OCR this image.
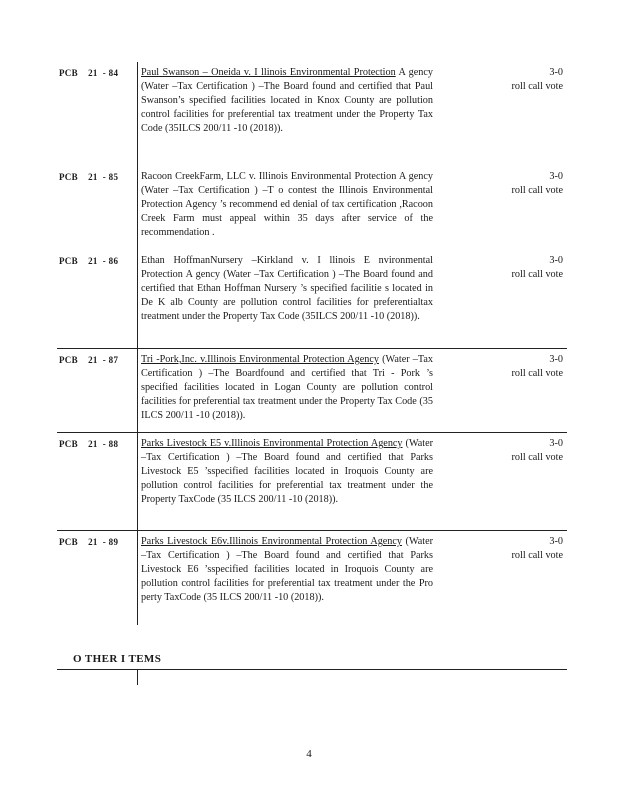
PCB    21  - 84 Paul Swanson – Oneida v. I llinois Environmental Protection A gency (Water –Tax Certification ) –The Board found and certified that Paul Swanson’s specified facilities located in Knox County are pollution control facilities for preferential tax treatment under the Property Tax Code (35ILCS 200/11 -10 (2018)).
3-0
roll call vote
PCB    21  - 85 Racoon CreekFarm, LLC v. Illinois Environmental Protection A gency (Water –Tax Certification ) –T o contest the Illinois Environmental Protection Agency ’s recommend ed denial of tax certification ,Racoon Creek Farm must appeal within 35 days after service of the recommendation .
3-0
roll call vote
PCB    21  - 86 Ethan HoffmanNursery –Kirkland v. I llinois E nvironmental Protection A gency (Water –Tax Certification ) –The Board found and certified that Ethan Hoffman Nursery ’s specified facilitie s located in De K alb County are pollution control facilities for preferentialtax treatment under the Property Tax Code (35ILCS 200/11 -10 (2018)).
3-0
roll call vote
PCB    21  - 87 Tri -Pork,Inc. v.Illinois Environmental Protection Agency (Water –Tax Certification ) –The Boardfound and certified that Tri - Pork ’s specified facilities located in Logan County are pollution control facilities for preferential tax treatment under the Property Tax Code (35 ILCS 200/11 -10 (2018)).
3-0
roll call vote
PCB    21  - 88 Parks Livestock E5 v.Illinois Environmental Protection Agency (Water –Tax Certification ) –The Board found and certified that Parks Livestock E5 ’sspecified facilities located in Iroquois County are pollution control facilities for preferential tax treatment under the Property TaxCode (35 ILCS 200/11 -10 (2018)).
3-0
roll call vote
PCB    21  - 89 Parks Livestock E6v.Illinois Environmental Protection Agency (Water –Tax Certification ) –The Board found and certified that Parks Livestock E6 ’sspecified facilities located in Iroquois County are pollution control facilities for preferential tax treatment under the Pro perty TaxCode (35 ILCS 200/11 -10 (2018)).
3-0
roll call vote
O THER I TEMS
4
